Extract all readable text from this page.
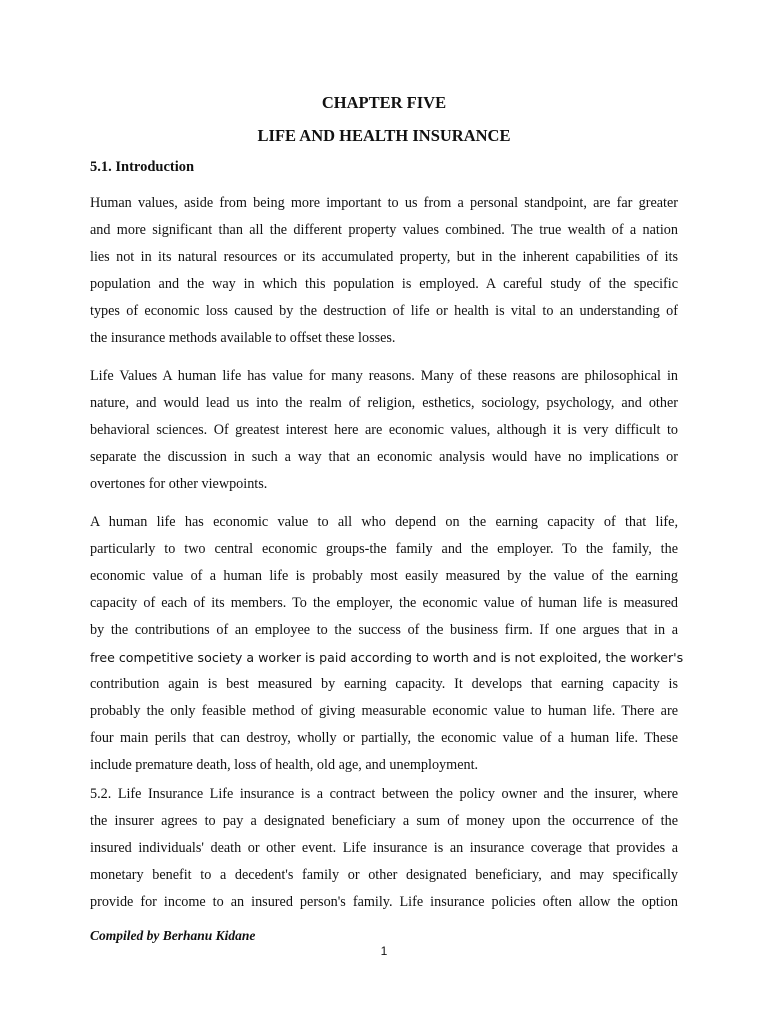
CHAPTER FIVE
LIFE AND HEALTH INSURANCE
5.1. Introduction
Human values, aside from being more important to us from a personal standpoint, are far greater
and more significant than all the different property values combined. The true wealth of a nation
lies not in its natural resources or its accumulated property, but in the inherent capabilities of its
population and the way in which this population is employed. A careful study of the specific
types of economic loss caused by the destruction of life or health is vital to an understanding of
the insurance methods available to offset these losses.
Life Values A human life has value for many reasons. Many of these reasons are philosophical in
nature, and would lead us into the realm of religion, esthetics, sociology, psychology, and other
behavioral sciences. Of greatest interest here are economic values, although it is very difficult to
separate the discussion in such a way that an economic analysis would have no implications or
overtones for other viewpoints.
A human life has economic value to all who depend on the earning capacity of that life,
particularly to two central economic groups-the family and the employer. To the family, the
economic value of a human life is probably most easily measured by the value of the earning
capacity of each of its members. To the employer, the economic value of human life is measured
by the contributions of an employee to the success of the business firm. If one argues that in a
free competitive society a worker is paid according to worth and is not exploited, the worker's
contribution again is best measured by earning capacity. It develops that earning capacity is
probably the only feasible method of giving measurable economic value to human life. There are
four main perils that can destroy, wholly or partially, the economic value of a human life. These
include premature death, loss of health, old age, and unemployment.
5.2. Life Insurance Life insurance is a contract between the policy owner and the insurer, where
the insurer agrees to pay a designated beneficiary a sum of money upon the occurrence of the
insured individuals' death or other event. Life insurance is an insurance coverage that provides a
monetary benefit to a decedent's family or other designated beneficiary, and may specifically
provide for income to an insured person's family. Life insurance policies often allow the option
Compiled by Berhanu Kidane
1
